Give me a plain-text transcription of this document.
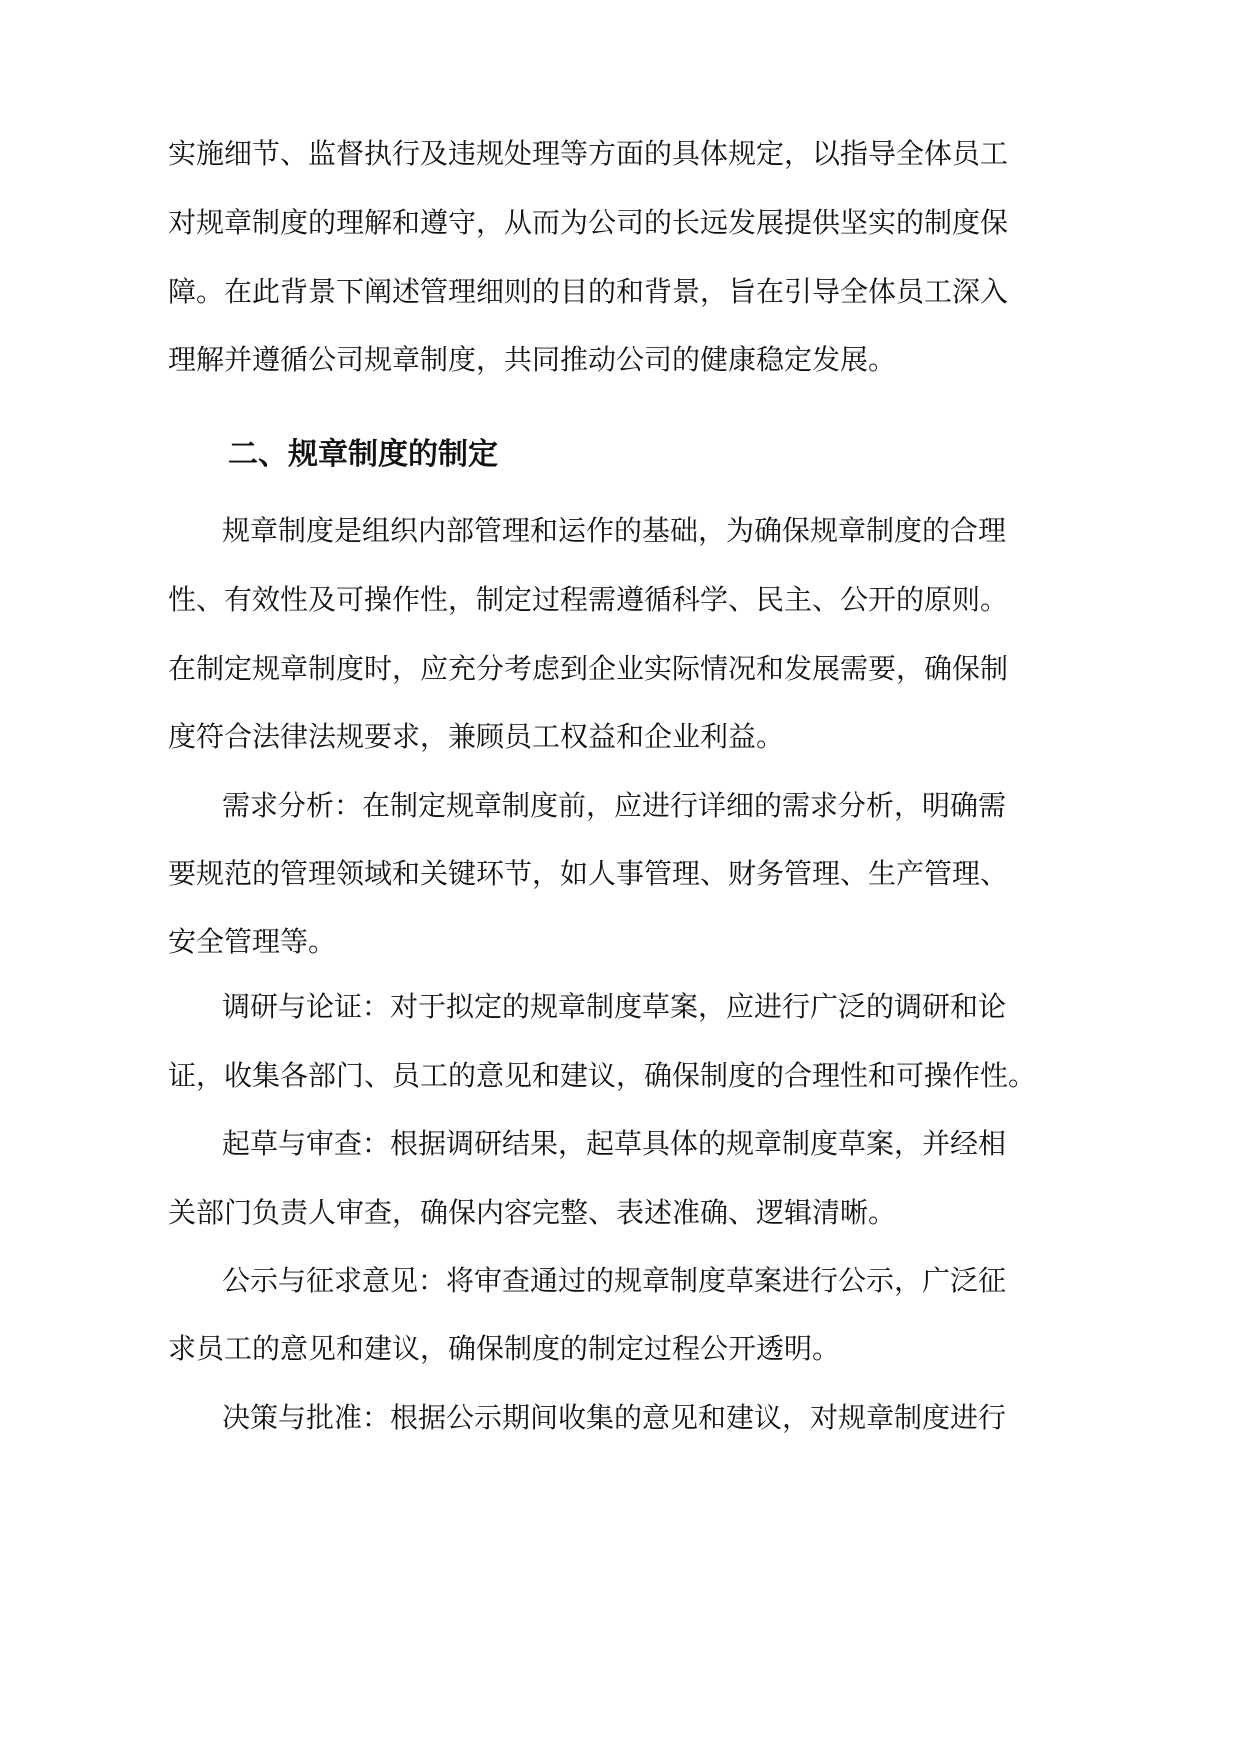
实施细节、监督执行及违规处理等方面的具体规定，以指导全体员工
对规章制度的理解和遵守，从而为公司的长远发展提供坚实的制度保
障。在此背景下阐述管理细则的目的和背景，旨在引导全体员工深入
理解并遵循公司规章制度，共同推动公司的健康稳定发展。
二、规章制度的制定
规章制度是组织内部管理和运作的基础，为确保规章制度的合理
性、有效性及可操作性，制定过程需遵循科学、民主、公开的原则。
在制定规章制度时，应充分考虑到企业实际情况和发展需要，确保制
度符合法律法规要求，兼顾员工权益和企业利益。
需求分析：在制定规章制度前，应进行详细的需求分析，明确需
要规范的管理领域和关键环节，如人事管理、财务管理、生产管理、
安全管理等。
调研与论证：对于拟定的规章制度草案，应进行广泛的调研和论
证，收集各部门、员工的意见和建议，确保制度的合理性和可操作性。
起草与审查：根据调研结果，起草具体的规章制度草案，并经相
关部门负责人审查，确保内容完整、表述准确、逻辑清晰。
公示与征求意见：将审查通过的规章制度草案进行公示，广泛征
求员工的意见和建议，确保制度的制定过程公开透明。
决策与批准：根据公示期间收集的意见和建议，对规章制度进行
